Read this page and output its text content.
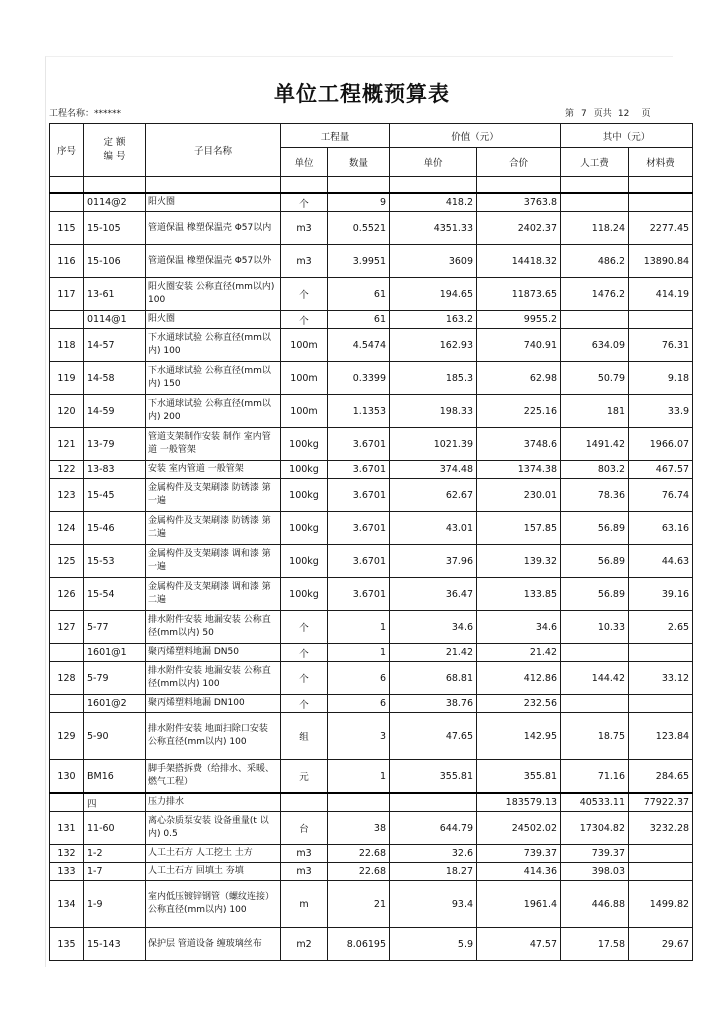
单位工程概预算表
工程名称：******	第 7 页共 12 页
序号	定 额
编 号	子目名称	工程量		价值（元）		其中（元）	
			单位	数量	单价	合价	人工费	材料费

	0114@2	阳火圈	个	9	418.2	3763.8		
115	15-105	管道保温 橡塑保温壳 Φ57以内	m3	0.5521	4351.33	2402.37	118.24	2277.45
116	15-106	管道保温 橡塑保温壳 Φ57以外	m3	3.9951	3609	14418.32	486.2	13890.84
117	13-61	阳火圈安装 公称直径(mm以内) 100	个	61	194.65	11873.65	1476.2	414.19
	0114@1	阳火圈	个	61	163.2	9955.2		
118	14-57	下水通球试验 公称直径(mm以内) 100	100m	4.5474	162.93	740.91	634.09	76.31
119	14-58	下水通球试验 公称直径(mm以内) 150	100m	0.3399	185.3	62.98	50.79	9.18
120	14-59	下水通球试验 公称直径(mm以内) 200	100m	1.1353	198.33	225.16	181	33.9
121	13-79	管道支架制作安装 制作 室内管道 一般管架	100kg	3.6701	1021.39	3748.6	1491.42	1966.07
122	13-83	安装 室内管道 一般管架	100kg	3.6701	374.48	1374.38	803.2	467.57
123	15-45	金属构件及支架刷漆 防锈漆 第一遍	100kg	3.6701	62.67	230.01	78.36	76.74
124	15-46	金属构件及支架刷漆 防锈漆 第二遍	100kg	3.6701	43.01	157.85	56.89	63.16
125	15-53	金属构件及支架刷漆 调和漆 第一遍	100kg	3.6701	37.96	139.32	56.89	44.63
126	15-54	金属构件及支架刷漆 调和漆 第二遍	100kg	3.6701	36.47	133.85	56.89	39.16
127	5-77	排水附件安装 地漏安装 公称直径(mm以内) 50	个	1	34.6	34.6	10.33	2.65
	1601@1	聚丙烯塑料地漏 DN50	个	1	21.42	21.42		
128	5-79	排水附件安装 地漏安装 公称直径(mm以内) 100	个	6	68.81	412.86	144.42	33.12
	1601@2	聚丙烯塑料地漏 DN100	个	6	38.76	232.56		
129	5-90	排水附件安装 地面扫除口安装 公称直径(mm以内) 100	组	3	47.65	142.95	18.75	123.84
130	BM16	脚手架搭拆费（给排水、采暖、燃气工程）	元	1	355.81	355.81	71.16	284.65
	四	压力排水				183579.13	40533.11	77922.37
131	11-60	离心杂质泵安装 设备重量(t 以内) 0.5	台	38	644.79	24502.02	17304.82	3232.28
132	1-2	人工土石方 人工挖土 土方	m3	22.68	32.6	739.37	739.37	
133	1-7	人工土石方 回填土 夯填	m3	22.68	18.27	414.36	398.03	
134	1-9	室内低压镀锌钢管（螺纹连接）公称直径(mm以内) 100	m	21	93.4	1961.4	446.88	1499.82
135	15-143	保护层 管道设备 缠玻璃丝布	m2	8.06195	5.9	47.57	17.58	29.67
